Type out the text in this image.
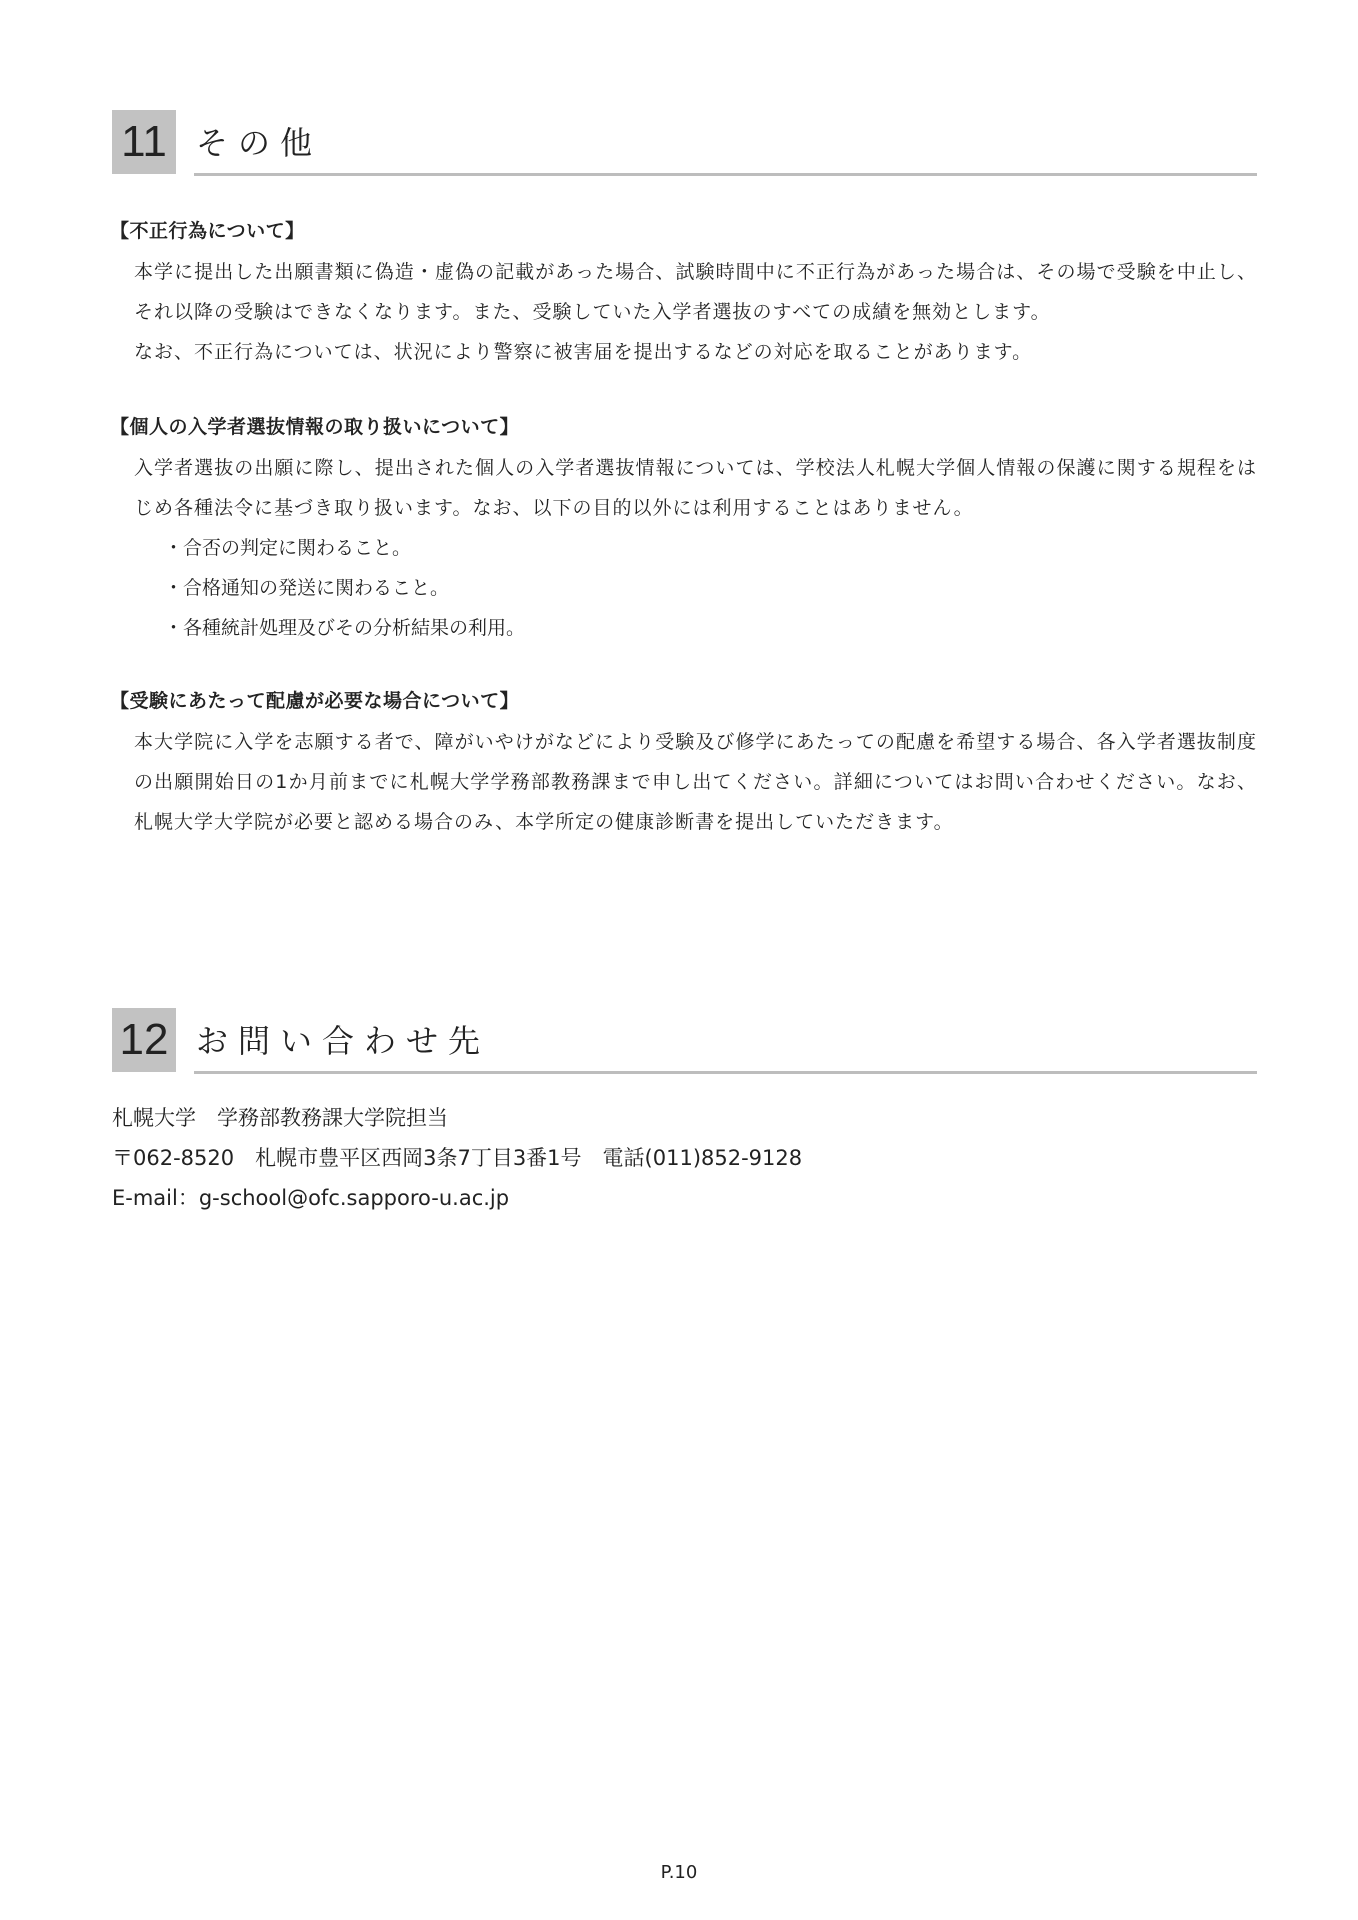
11 その他
【不正行為について】

本学に提出した出願書類に偽造・虚偽の記載があった場合、試験時間中に不正行為があった場合は、その場で受験を中止し、それ以降の受験はできなくなります。また、受験していた入学者選抜のすべての成績を無効とします。

なお、不正行為については、状況により警察に被害届を提出するなどの対応を取ることがあります。

【個人の入学者選抜情報の取り扱いについて】

入学者選抜の出願に際し、提出された個人の入学者選抜情報については、学校法人札幌大学個人情報の保護に関する規程をはじめ各種法令に基づき取り扱います。なお、以下の目的以外には利用することはありません。

・合否の判定に関わること。
・合格通知の発送に関わること。
・各種統計処理及びその分析結果の利用。
【受験にあたって配慮が必要な場合について】

本大学院に入学を志願する者で、障がいやけがなどにより受験及び修学にあたっての配慮を希望する場合、各入学者選抜制度の出願開始日の1か月前までに札幌大学学務部教務課まで申し出てください。詳細についてはお問い合わせください。なお、札幌大学大学院が必要と認める場合のみ、本学所定の健康診断書を提出していただきます。

12 お問い合わせ先
札幌大学　学務部教務課大学院担当
〒062-8520　札幌市豊平区西岡3条7丁目3番1号　電話(011)852-9128
E-mail：g-school@ofc.sapporo-u.ac.jp
P.10
